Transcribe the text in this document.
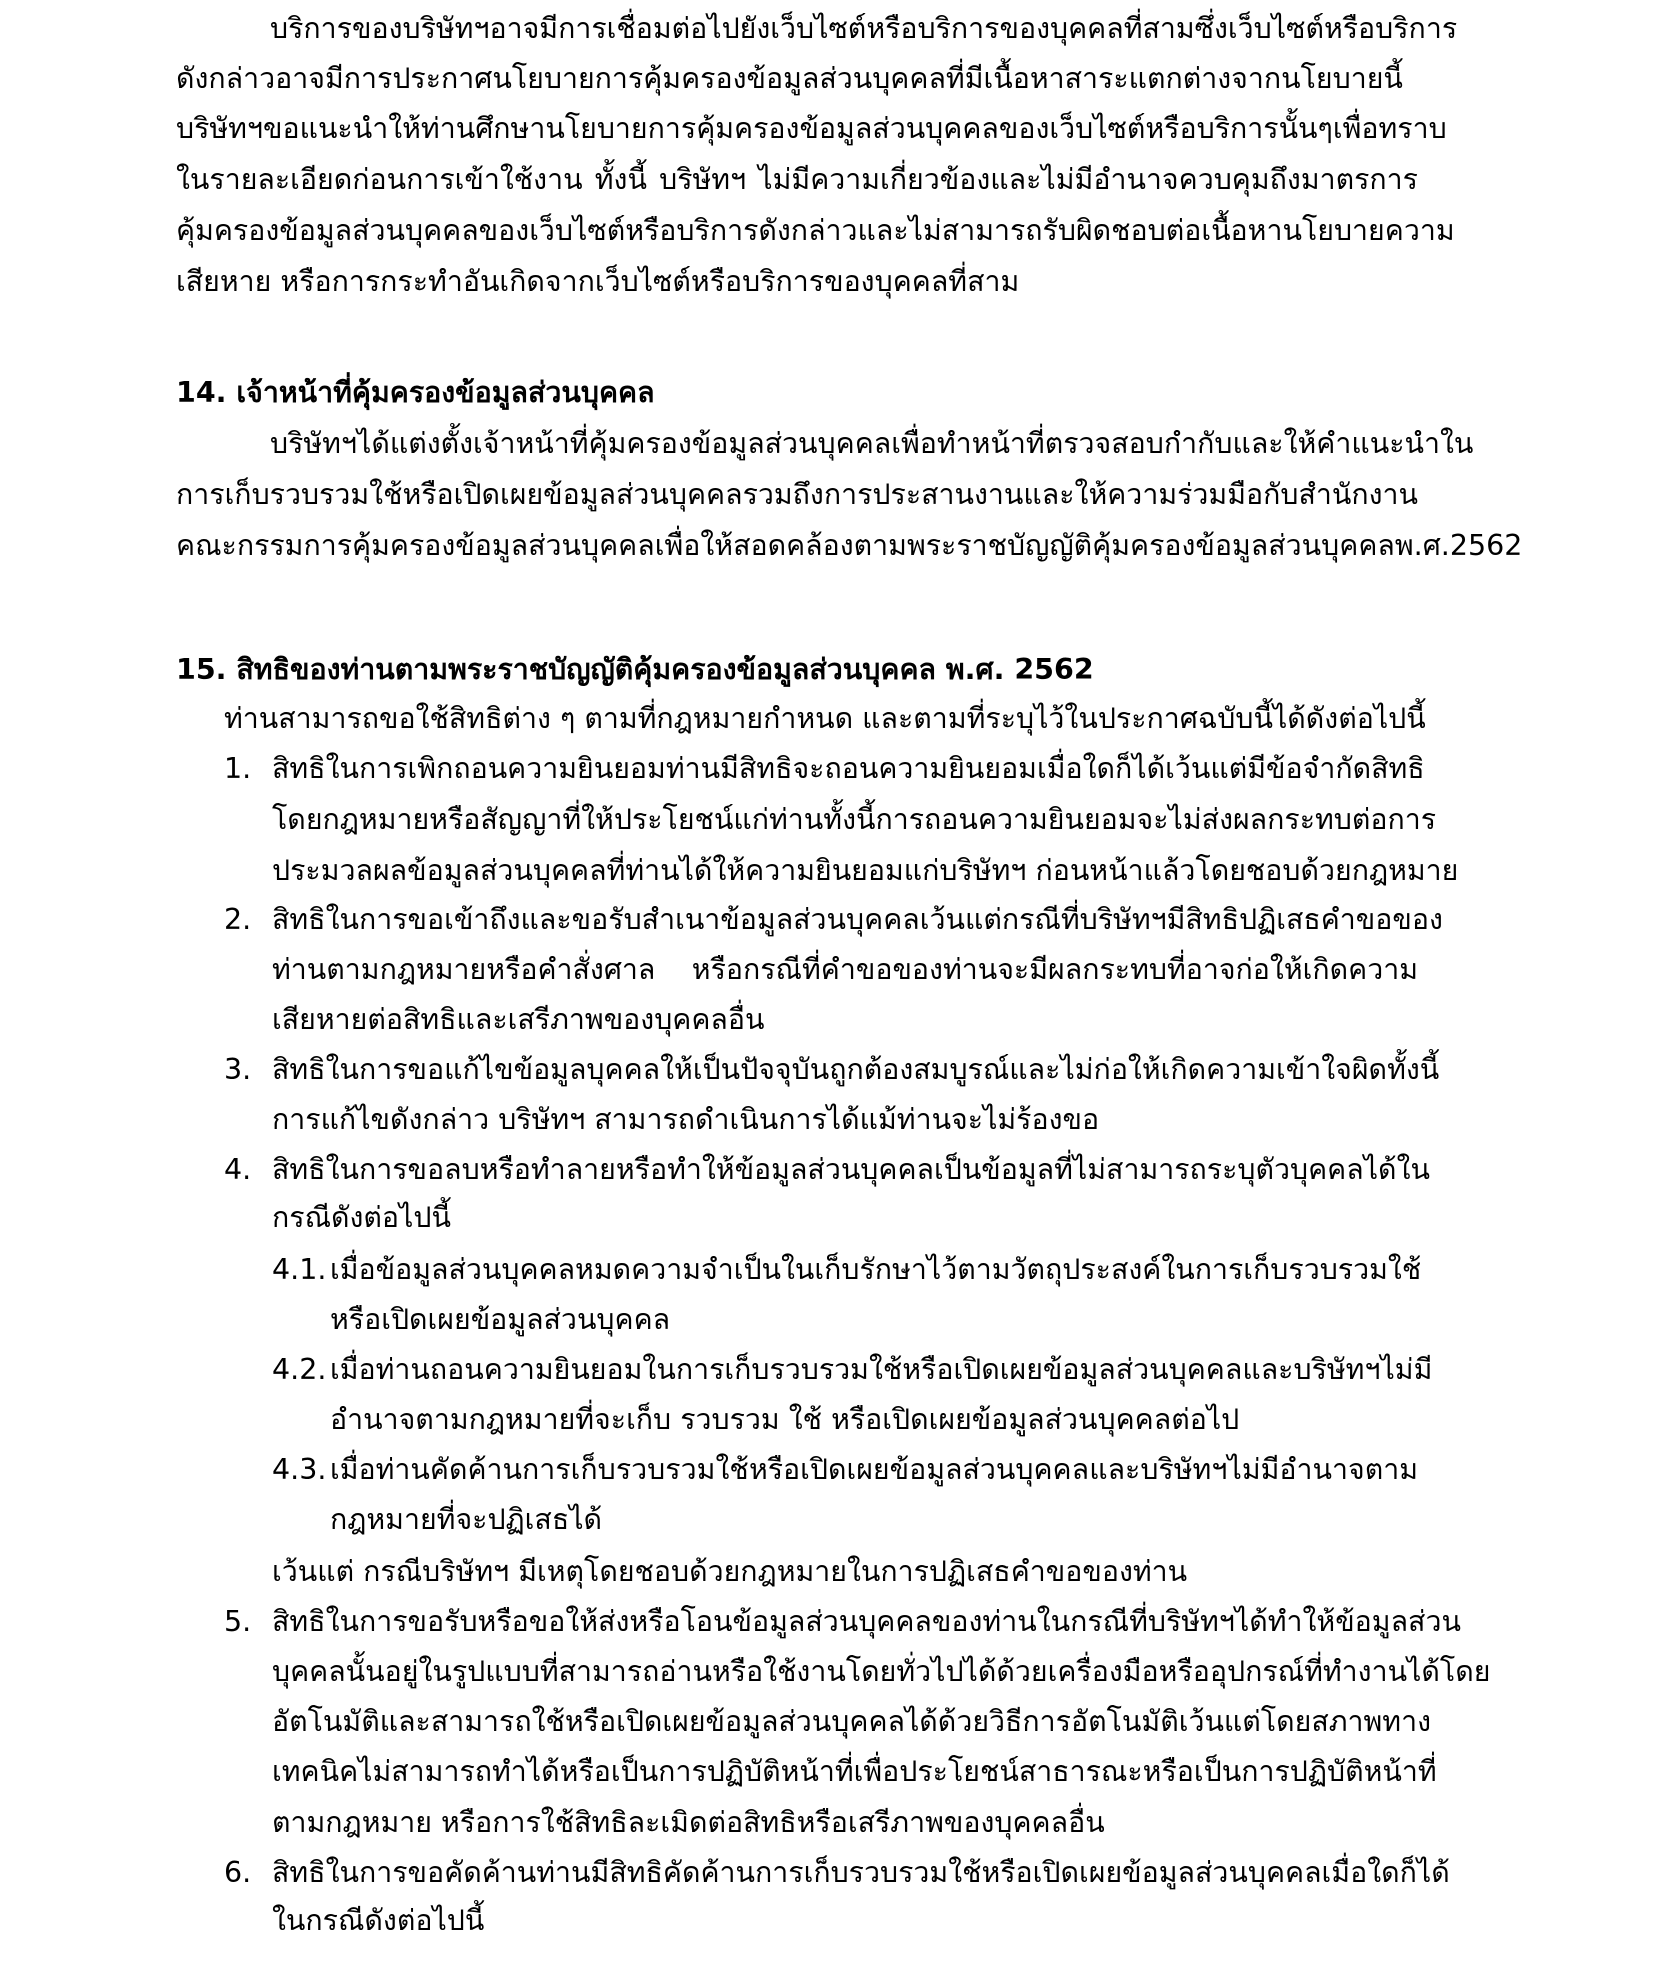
บริการของบริษัทฯ อาจมีการเชื่อมต่อไปยังเว็บไซต์หรือบริการของบุคคลที่สาม ซึ่งเว็บไซต์หรือบริการ
ดังกล่าวอาจมีการประกาศนโยบายการคุ้มครองข้อมูลส่วนบุคคลที่มีเนื้อหาสาระแตกต่างจากนโยบายนี้
บริษัทฯ ขอแนะนำให้ท่านศึกษานโยบายการคุ้มครองข้อมูลส่วนบุคคลของเว็บไซต์หรือบริการนั้น ๆ เพื่อทราบ
ในรายละเอียดก่อนการเข้าใช้งาน ทั้งนี้ บริษัทฯ ไม่มีความเกี่ยวข้องและไม่มีอำนาจควบคุมถึงมาตรการ
คุ้มครองข้อมูลส่วนบุคคลของเว็บไซต์หรือบริการดังกล่าวและไม่สามารถรับผิดชอบต่อเนื้อหา นโยบาย ความ
เสียหาย หรือการกระทำอันเกิดจากเว็บไซต์หรือบริการของบุคคลที่สาม
14. เจ้าหน้าที่คุ้มครองข้อมูลส่วนบุคคล
บริษัทฯ ได้แต่งตั้งเจ้าหน้าที่คุ้มครองข้อมูลส่วนบุคคลเพื่อทำหน้าที่ตรวจสอบ กำกับและให้คำแนะนำใน
การเก็บรวบรวม ใช้ หรือเปิดเผยข้อมูลส่วนบุคคล รวมถึงการประสานงานและให้ความร่วมมือกับสำนักงาน
คณะกรรมการคุ้มครองข้อมูลส่วนบุคคล เพื่อให้สอดคล้องตามพระราชบัญญัติคุ้มครองข้อมูลส่วนบุคคล พ.ศ. 2562
15. สิทธิของท่านตามพระราชบัญญัติคุ้มครองข้อมูลส่วนบุคคล พ.ศ. 2562
ท่านสามารถขอใช้สิทธิต่าง ๆ ตามที่กฎหมายกำหนด และตามที่ระบุไว้ในประกาศฉบับนี้ได้ดังต่อไปนี้
1. สิทธิในการเพิกถอนความยินยอม ท่านมีสิทธิจะถอนความยินยอมเมื่อใดก็ได้ เว้นแต่ มีข้อจำกัดสิทธิ
โดยกฎหมายหรือสัญญาที่ให้ประโยชน์แก่ท่าน ทั้งนี้ การถอนความยินยอมจะไม่ส่งผลกระทบต่อการ
ประมวลผลข้อมูลส่วนบุคคลที่ท่านได้ให้ความยินยอมแก่บริษัทฯ ก่อนหน้าแล้วโดยชอบด้วยกฎหมาย
2. สิทธิในการขอเข้าถึงและขอรับสำเนาข้อมูลส่วนบุคคล เว้นแต่ กรณีที่บริษัทฯ มีสิทธิปฏิเสธคำขอของ
ท่านตามกฎหมายหรือคำสั่งศาล หรือกรณีที่คำขอของท่านจะมีผลกระทบที่อาจก่อให้เกิดความ
เสียหายต่อสิทธิและเสรีภาพของบุคคลอื่น
3. สิทธิในการขอแก้ไขข้อมูลบุคคลให้เป็นปัจจุบัน ถูกต้อง สมบูรณ์ และไม่ก่อให้เกิดความเข้าใจผิด ทั้งนี้
การแก้ไขดังกล่าว บริษัทฯ สามารถดำเนินการได้แม้ท่านจะไม่ร้องขอ
4. สิทธิในการขอลบหรือทำลายหรือทำให้ข้อมูลส่วนบุคคลเป็นข้อมูลที่ไม่สามารถระบุตัวบุคคลได้ ใน
กรณีดังต่อไปนี้
4.1. เมื่อข้อมูลส่วนบุคคลหมดความจำเป็นในเก็บรักษาไว้ตามวัตถุประสงค์ในการเก็บ รวบรวม ใช้
หรือเปิดเผยข้อมูลส่วนบุคคล
4.2. เมื่อท่านถอนความยินยอมในการเก็บ รวบรวม ใช้ หรือเปิดเผยข้อมูลส่วนบุคคลและบริษัทฯ ไม่มี
อำนาจตามกฎหมายที่จะเก็บ รวบรวม ใช้ หรือเปิดเผยข้อมูลส่วนบุคคลต่อไป
4.3. เมื่อท่านคัดค้านการเก็บ รวบรวม ใช้ หรือเปิดเผยข้อมูลส่วนบุคคล และบริษัทฯ ไม่มีอำนาจตาม
กฎหมายที่จะปฏิเสธได้
เว้นแต่ กรณีบริษัทฯ มีเหตุโดยชอบด้วยกฎหมายในการปฏิเสธคำขอของท่าน
5. สิทธิในการขอรับหรือขอให้ส่งหรือโอนข้อมูลส่วนบุคคลของท่าน ในกรณีที่บริษัทฯ ได้ทำให้ข้อมูลส่วน
บุคคลนั้นอยู่ในรูปแบบที่สามารถอ่านหรือใช้งานโดยทั่วไปได้ด้วยเครื่องมือหรืออุปกรณ์ที่ทำงานได้โดย
อัตโนมัติและสามารถใช้หรือเปิดเผยข้อมูลส่วนบุคคลได้ด้วยวิธีการอัตโนมัติ เว้นแต่ โดยสภาพทาง
เทคนิคไม่สามารถทำได้ หรือเป็นการปฏิบัติหน้าที่เพื่อประโยชน์สาธารณะหรือเป็นการปฏิบัติหน้าที่
ตามกฎหมาย หรือการใช้สิทธิละเมิดต่อสิทธิหรือเสรีภาพของบุคคลอื่น
6. สิทธิในการขอคัดค้าน ท่านมีสิทธิคัดค้านการเก็บรวบรวม ใช้ หรือเปิดเผยข้อมูลส่วนบุคคลเมื่อใดก็ได้
ในกรณีดังต่อไปนี้
